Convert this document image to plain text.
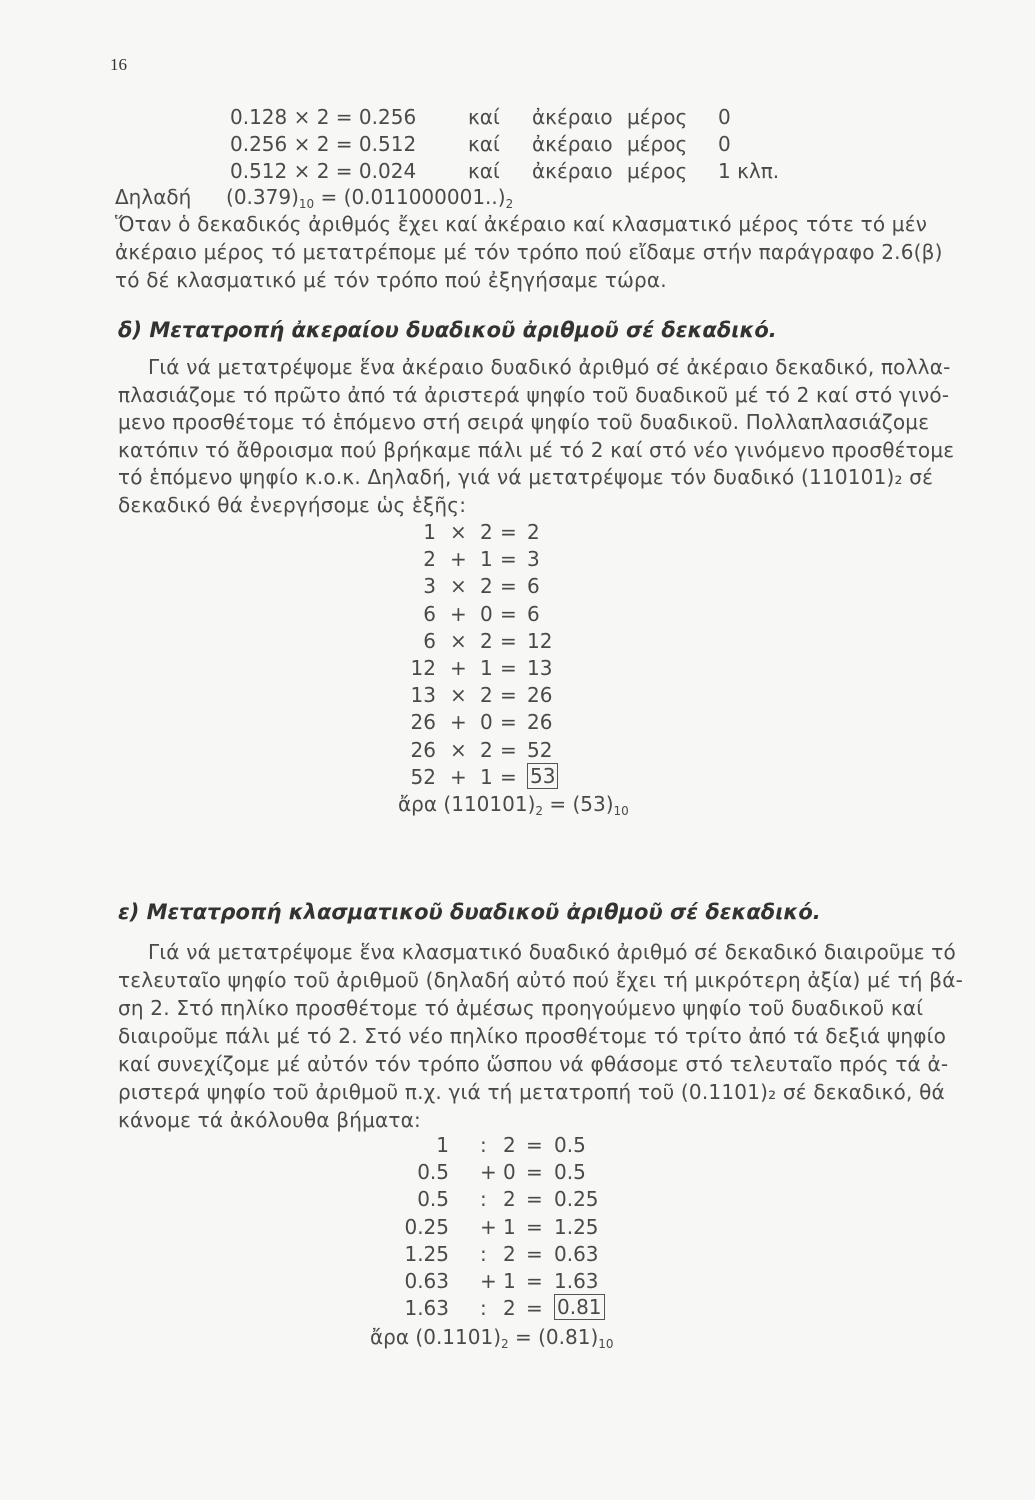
16
0.128 × 2 = 0.256	καί ἀκέραιο μέρος 0
0.256 × 2 = 0.512	καί ἀκέραιο μέρος 0
0.512 × 2 = 0.024	καί ἀκέραιο μέρος 1 κλπ.
Δηλαδή $(0.379)_{10} = (0.011000001..)_2$
Ὅταν ὁ δεκαδικός ἀριθμός ἔχει καί ἀκέραιο καί κλασματικό μέρος τότε τό μέν
ἀκέραιο μέρος τό μετατρέπομε μέ τόν τρόπο πού εἴδαμε στήν παράγραφο 2.6(β)
τό δέ κλασματικό μέ τόν τρόπο πού ἐξηγήσαμε τώρα.
δ) Μετατροπή ἀκεραίου δυαδικοῦ ἀριθμοῦ σέ δεκαδικό.
Γιά νά μετατρέψομε ἕνα ἀκέραιο δυαδικό ἀριθμό σέ ἀκέραιο δεκαδικό, πολλα-
πλασιάζομε τό πρῶτο ἀπό τά ἀριστερά ψηφίο τοῦ δυαδικοῦ μέ τό 2 καί στό γινό-
μενο προσθέτομε τό ἑπόμενο στή σειρά ψηφίο τοῦ δυαδικοῦ. Πολλαπλασιάζομε
κατόπιν τό ἄθροισμα πού βρήκαμε πάλι μέ τό 2 καί στό νέο γινόμενο προσθέτομε
τό ἑπόμενο ψηφίο κ.ο.κ. Δηλαδή, γιά νά μετατρέψομε τόν δυαδικό (110101)₂ σέ
δεκαδικό θά ἐνεργήσομε ὡς ἑξῆς:
1 × 2 = 2
2 + 1 = 3
3 × 2 = 6
6 + 0 = 6
6 × 2 = 12
12 + 1 = 13
13 × 2 = 26
26 + 0 = 26
26 × 2 = 52
52 + 1 = 53
ἄρα $(110101)_2 = (53)_{10}$
ε) Μετατροπή κλασματικοῦ δυαδικοῦ ἀριθμοῦ σέ δεκαδικό.
Γιά νά μετατρέψομε ἕνα κλασματικό δυαδικό ἀριθμό σέ δεκαδικό διαιροῦμε τό
τελευταῖο ψηφίο τοῦ ἀριθμοῦ (δηλαδή αὐτό πού ἔχει τή μικρότερη ἀξία) μέ τή βά-
ση 2. Στό πηλίκο προσθέτομε τό ἀμέσως προηγούμενο ψηφίο τοῦ δυαδικοῦ καί
διαιροῦμε πάλι μέ τό 2. Στό νέο πηλίκο προσθέτομε τό τρίτο ἀπό τά δεξιά ψηφίο
καί συνεχίζομε μέ αὐτόν τόν τρόπο ὥσπου νά φθάσομε στό τελευταῖο πρός τά ἀ-
ριστερά ψηφίο τοῦ ἀριθμοῦ π.χ. γιά τή μετατροπή τοῦ (0.1101)₂ σέ δεκαδικό, θά
κάνομε τά ἀκόλουθα βήματα:
1 : 2 = 0.5
0.5 + 0 = 0.5
0.5 : 2 = 0.25
0.25 + 1 = 1.25
1.25 : 2 = 0.63
0.63 + 1 = 1.63
1.63 : 2 = 0.81
ἄρα $(0.1101)_2 = (0.81)_{10}$
